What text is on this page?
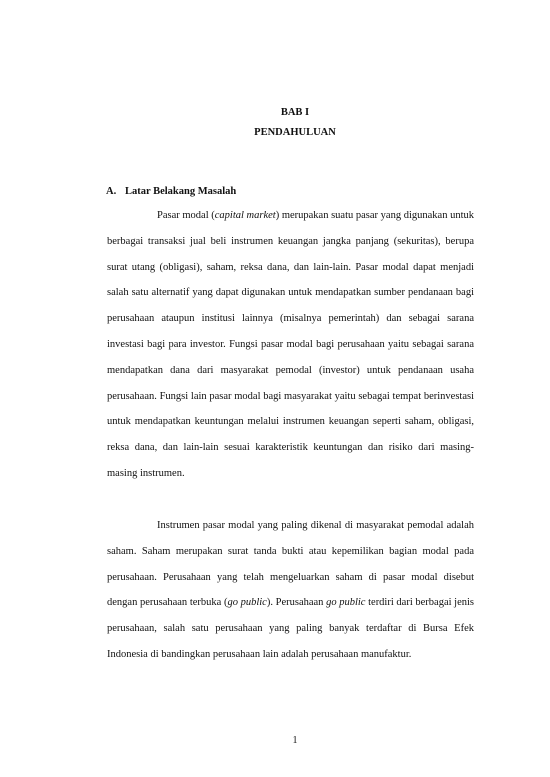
BAB I
PENDAHULUAN
A. Latar Belakang Masalah

Pasar modal (capital market) merupakan suatu pasar yang digunakan untuk berbagai transaksi jual beli instrumen keuangan jangka panjang (sekuritas), berupa surat utang (obligasi), saham, reksa dana, dan lain-lain. Pasar modal dapat menjadi salah satu alternatif yang dapat digunakan untuk mendapatkan sumber pendanaan bagi perusahaan ataupun institusi lainnya (misalnya pemerintah) dan sebagai sarana investasi bagi para investor. Fungsi pasar modal bagi perusahaan yaitu sebagai sarana mendapatkan dana dari masyarakat pemodal (investor) untuk pendanaan usaha perusahaan. Fungsi lain pasar modal bagi masyarakat yaitu sebagai tempat berinvestasi untuk mendapatkan keuntungan melalui instrumen keuangan seperti saham, obligasi, reksa dana, dan lain-lain sesuai karakteristik keuntungan dan risiko dari masing-masing instrumen.

Instrumen pasar modal yang paling dikenal di masyarakat pemodal adalah saham. Saham merupakan surat tanda bukti atau kepemilikan bagian modal pada perusahaan. Perusahaan yang telah mengeluarkan saham di pasar modal disebut dengan perusahaan terbuka (go public). Perusahaan go public terdiri dari berbagai jenis perusahaan, salah satu perusahaan yang paling banyak terdaftar di Bursa Efek Indonesia di bandingkan perusahaan lain adalah perusahaan manufaktur.

1
